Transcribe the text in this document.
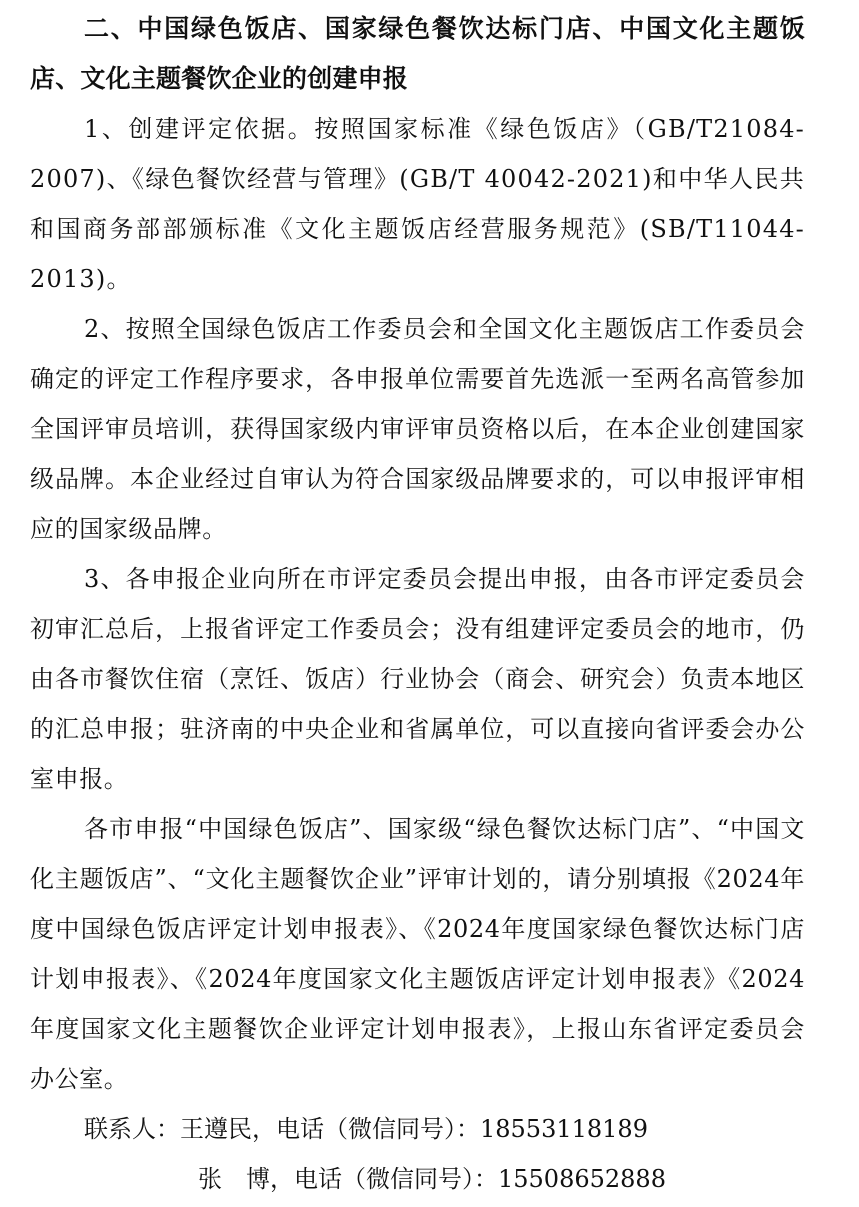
二、中国绿色饭店、国家绿色餐饮达标门店、中国文化主题饭店、文化主题餐饮企业的创建申报

1、创建评定依据。按照国家标准《绿色饭店》（GB/T21084-2007)、《绿色餐饮经营与管理》(GB/T 40042-2021)和中华人民共和国商务部部颁标准《文化主题饭店经营服务规范》(SB/T11044-2013)。

2、按照全国绿色饭店工作委员会和全国文化主题饭店工作委员会确定的评定工作程序要求，各申报单位需要首先选派一至两名高管参加全国评审员培训，获得国家级内审评审员资格以后，在本企业创建国家级品牌。本企业经过自审认为符合国家级品牌要求的，可以申报评审相应的国家级品牌。

3、各申报企业向所在市评定委员会提出申报，由各市评定委员会初审汇总后，上报省评定工作委员会；没有组建评定委员会的地市，仍由各市餐饮住宿（烹饪、饭店）行业协会（商会、研究会）负责本地区的汇总申报；驻济南的中央企业和省属单位，可以直接向省评委会办公室申报。

各市申报“中国绿色饭店”、国家级“绿色餐饮达标门店”、“中国文化主题饭店”、“文化主题餐饮企业”评审计划的，请分别填报《2024年度中国绿色饭店评定计划申报表》、《2024年度国家绿色餐饮达标门店计划申报表》、《2024年度国家文化主题饭店评定计划申报表》《2024年度国家文化主题餐饮企业评定计划申报表》，上报山东省评定委员会办公室。

联系人：王遵民，电话（微信同号）：18553118189

张　博，电话（微信同号）：15508652888
